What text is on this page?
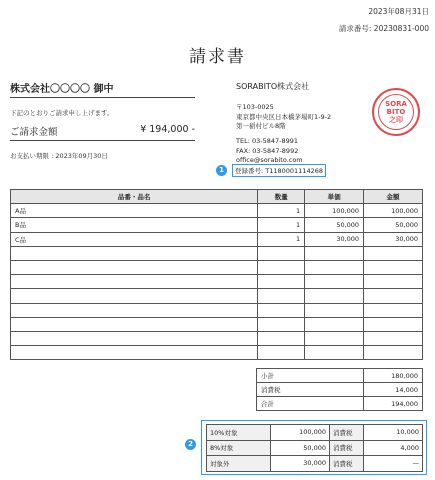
2023年08月31日
請求番号: 20230831-000
請求書
株式会社〇〇〇〇 御中
下記のとおりご請求申し上げます。
ご請求金額	¥ 194,000 -
お支払い期限 : 2023年09月30日
SORABITO株式会社
〒103-0025
東京都中央区日本橋茅場町1-9-2
第一稲村ビル8階
TEL: 03-5847-8991
FAX: 03-5847-8992
office@sorabito.com
1	登録番号: T1180001114268
SORA
BITO
之印
品番・品名	数量	単価	金額
A品	1	100,000	100,000
B品	1	50,000	50,000
C品	1	30,000	30,000

小計	180,000
消費税	14,000
合計	194,000
2
10%対象	100,000	消費税	10,000
8%対象	50,000	消費税	4,000
対象外	30,000	消費税	—
